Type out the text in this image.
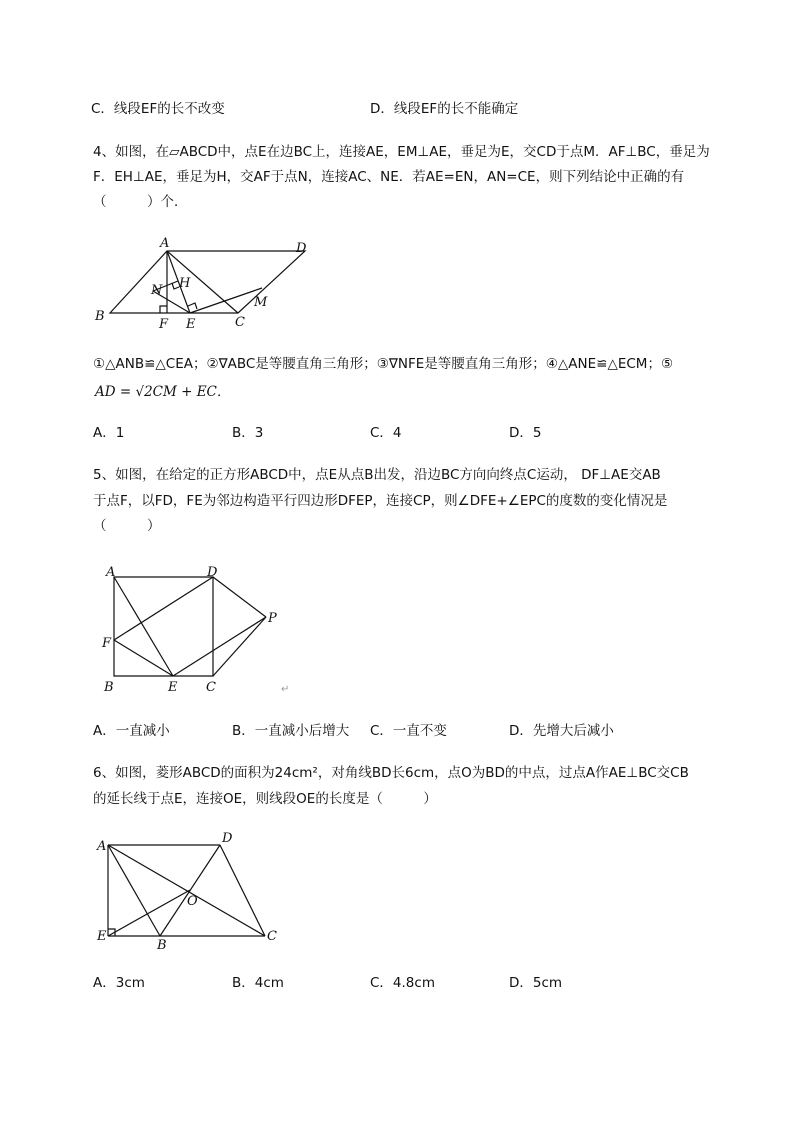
C．线段EF的长不改变	D．线段EF的长不能确定
4、如图，在▱ABCD中，点E在边BC上，连接AE，EM⊥AE，垂足为E，交CD于点M．AF⊥BC，垂足为
F．EH⊥AE，垂足为H，交AF于点N，连接AC、NE．若AE=EN，AN=CE，则下列结论中正确的有
（　　　）个．
A	D
H
N
M
B
F E	C
①△ANB≌△CEA；②∇ABC是等腰直角三角形；③∇NFE是等腰直角三角形；④△ANE≌△ECM；⑤
AD = √2CM + EC．
A．1	B．3	C．4	D．5
5、如图，在给定的正方形ABCD中，点E从点B出发，沿边BC方向向终点C运动， DF⊥AE交AB
于点F，以FD，FE为邻边构造平行四边形DFEP，连接CP，则∠DFE+∠EPC的度数的变化情况是
（　　　）
A	D
P
F
B	E C	↵
A．一直减小	B．一直减小后增大 C．一直不变	D．先增大后减小
6、如图，菱形ABCD的面积为24cm²，对角线BD长6cm，点O为BD的中点，过点A作AE⊥BC交CB
的延长线于点E，连接OE，则线段OE的长度是（　　　）
A
D
O
E
B
C
A．3cm	B．4cm	C．4.8cm	D．5cm
